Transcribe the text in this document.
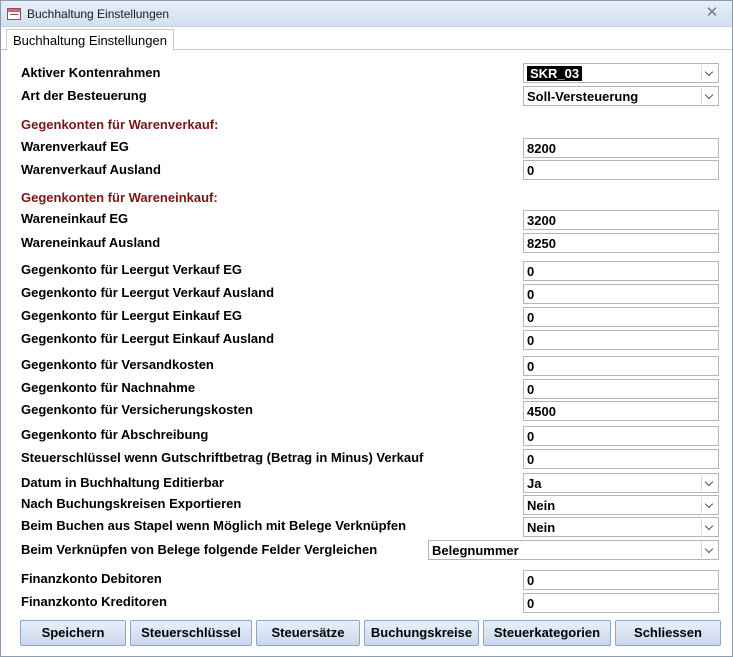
Buchhaltung Einstellungen	✕
Buchhaltung Einstellungen
Aktiver Kontenrahmen	SKR_03
Art der Besteuerung	Soll-Versteuerung
Gegenkonten für Warenverkauf:
Warenverkauf EG	8200
Warenverkauf Ausland	0
Gegenkonten für Wareneinkauf:
Wareneinkauf EG	3200
Wareneinkauf Ausland	8250
Gegenkonto für Leergut Verkauf EG	0
Gegenkonto für Leergut Verkauf Ausland	0
Gegenkonto für Leergut Einkauf EG	0
Gegenkonto für Leergut Einkauf Ausland	0
Gegenkonto für Versandkosten	0
Gegenkonto für Nachnahme	0
Gegenkonto für Versicherungskosten	4500
Gegenkonto für Abschreibung	0
Steuerschlüssel wenn Gutschriftbetrag (Betrag in Minus) Verkauf	0
Datum in Buchhaltung Editierbar	Ja
Nach Buchungskreisen Exportieren	Nein
Beim Buchen aus Stapel wenn Möglich mit Belege Verknüpfen	Nein
Beim Verknüpfen von Belege folgende Felder Vergleichen	Belegnummer
Finanzkonto Debitoren	0
Finanzkonto Kreditoren	0
Speichern	Steuerschlüssel	Steuersätze	Buchungskreise	Steuerkategorien	Schliessen
